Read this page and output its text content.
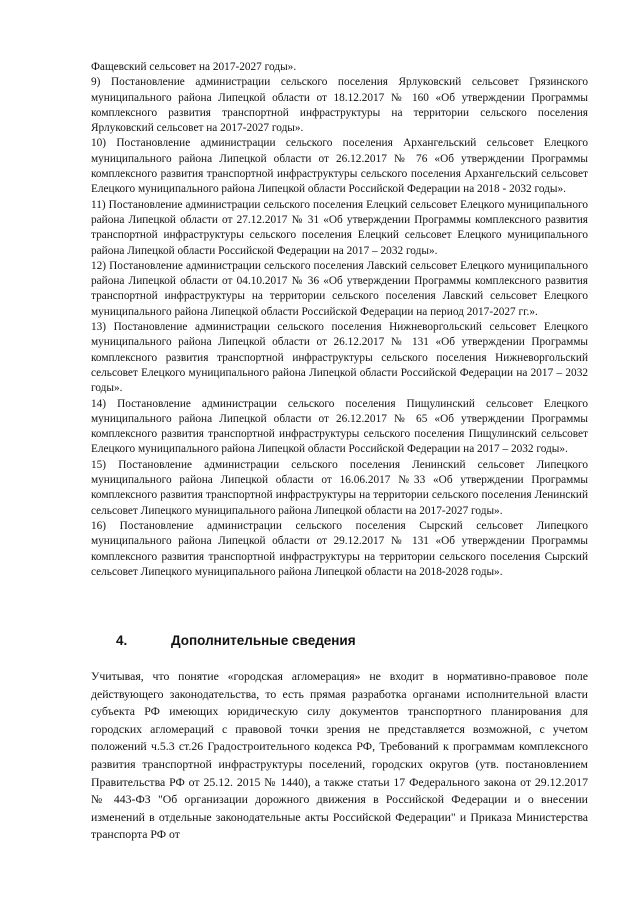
Фащевский сельсовет на 2017-2027 годы».

9) Постановление администрации сельского поселения Ярлуковский сельсовет Грязинского муниципального района Липецкой области от 18.12.2017 № 160 «Об утверждении Программы комплексного развития транспортной инфраструктуры на территории сельского поселения Ярлуковский сельсовет на 2017-2027 годы».

10) Постановление администрации сельского поселения Архангельский сельсовет Елецкого муниципального района Липецкой области от 26.12.2017 № 76 «Об утверждении Программы комплексного развития транспортной инфраструктуры сельского поселения Архангельский сельсовет Елецкого муниципального района Липецкой области Российской Федерации на 2018 - 2032 годы».

11) Постановление администрации сельского поселения Елецкий сельсовет Елецкого муниципального района Липецкой области от 27.12.2017 № 31 «Об утверждении Программы комплексного развития транспортной инфраструктуры сельского поселения Елецкий сельсовет Елецкого муниципального района Липецкой области Российской Федерации на 2017 – 2032 годы».

12) Постановление администрации сельского поселения Лавский сельсовет Елецкого муниципального района Липецкой области от 04.10.2017 № 36 «Об утверждении Программы комплексного развития транспортной инфраструктуры на территории сельского поселения Лавский сельсовет Елецкого муниципального района Липецкой области Российской Федерации на период 2017-2027 гг.».

13) Постановление администрации сельского поселения Нижневоргольский сельсовет Елецкого муниципального района Липецкой области от 26.12.2017 № 131 «Об утверждении Программы комплексного развития транспортной инфраструктуры сельского поселения Нижневоргольский сельсовет Елецкого муниципального района Липецкой области Российской Федерации на 2017 – 2032 годы».

14) Постановление администрации сельского поселения Пищулинский сельсовет Елецкого муниципального района Липецкой области от 26.12.2017 № 65 «Об утверждении Программы комплексного развития транспортной инфраструктуры сельского поселения Пищулинский сельсовет Елецкого муниципального района Липецкой области Российской Федерации на 2017 – 2032 годы».

15) Постановление администрации сельского поселения Ленинский сельсовет Липецкого муниципального района Липецкой области от 16.06.2017 №33 «Об утверждении Программы комплексного развития транспортной инфраструктуры на территории сельского поселения Ленинский сельсовет Липецкого муниципального района Липецкой области на 2017-2027 годы».

16) Постановление администрации сельского поселения Сырский сельсовет Липецкого муниципального района Липецкой области от 29.12.2017 № 131 «Об утверждении Программы комплексного развития транспортной инфраструктуры на территории сельского поселения Сырский сельсовет Липецкого муниципального района Липецкой области на 2018-2028 годы».

4.	Дополнительные сведения

Учитывая, что понятие «городская агломерация» не входит в нормативно-правовое поле действующего законодательства, то есть прямая разработка органами исполнительной власти субъекта РФ имеющих юридическую силу документов транспортного планирования для городских агломераций с правовой точки зрения не представляется возможной, с учетом положений ч.5.3 ст.26 Градостроительного кодекса РФ, Требований к программам комплексного развития транспортной инфраструктуры поселений, городских округов (утв. постановлением Правительства РФ от 25.12. 2015 № 1440), а также статьи 17 Федерального закона от 29.12.2017 № 443-ФЗ "Об организации дорожного движения в Российской Федерации и о внесении изменений в отдельные законодательные акты Российской Федерации" и Приказа Министерства транспорта РФ от
